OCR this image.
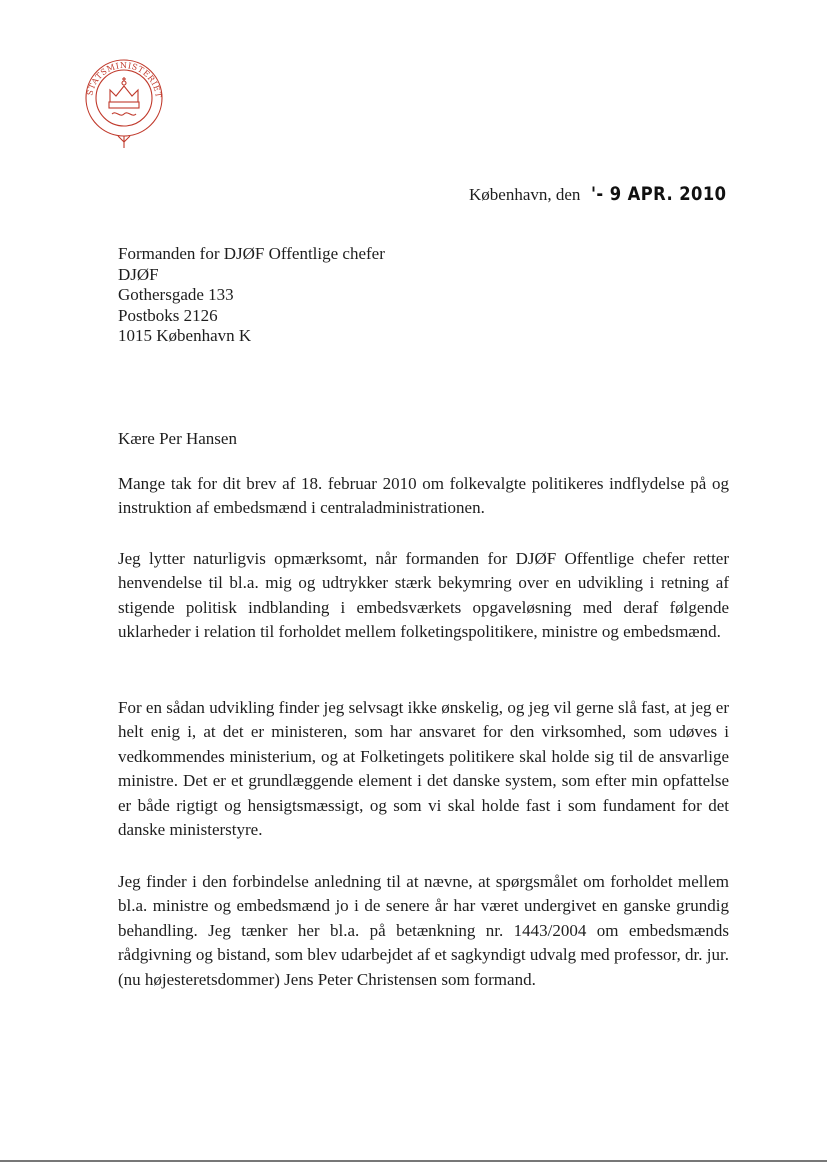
STATSMINISTERIET
København, den '- 9 APR. 2010
Formanden for DJØF Offentlige chefer
DJØF
Gothersgade 133
Postboks 2126
1015 København K
Kære Per Hansen

Mange tak for dit brev af 18. februar 2010 om folkevalgte politikeres indflydelse på og instruktion af embedsmænd i centraladministrationen.

Jeg lytter naturligvis opmærksomt, når formanden for DJØF Offentlige chefer retter henvendelse til bl.a. mig og udtrykker stærk bekymring over en udvikling i retning af stigende politisk indblanding i embedsværkets opgaveløsning med deraf følgende uklarheder i relation til forholdet mellem folketingspolitikere, ministre og embedsmænd.

For en sådan udvikling finder jeg selvsagt ikke ønskelig, og jeg vil gerne slå fast, at jeg er helt enig i, at det er ministeren, som har ansvaret for den virksomhed, som udøves i vedkommendes ministerium, og at Folketingets politikere skal holde sig til de ansvarlige ministre. Det er et grundlæggende element i det danske system, som efter min opfattelse er både rigtigt og hensigtsmæssigt, og som vi skal holde fast i som fundament for det danske ministerstyre.

Jeg finder i den forbindelse anledning til at nævne, at spørgsmålet om forholdet mellem bl.a. ministre og embedsmænd jo i de senere år har været undergivet en ganske grundig behandling. Jeg tænker her bl.a. på betænkning nr. 1443/2004 om embedsmænds rådgivning og bistand, som blev udarbejdet af et sagkyndigt udvalg med professor, dr. jur. (nu højesteretsdommer) Jens Peter Christensen som formand.
